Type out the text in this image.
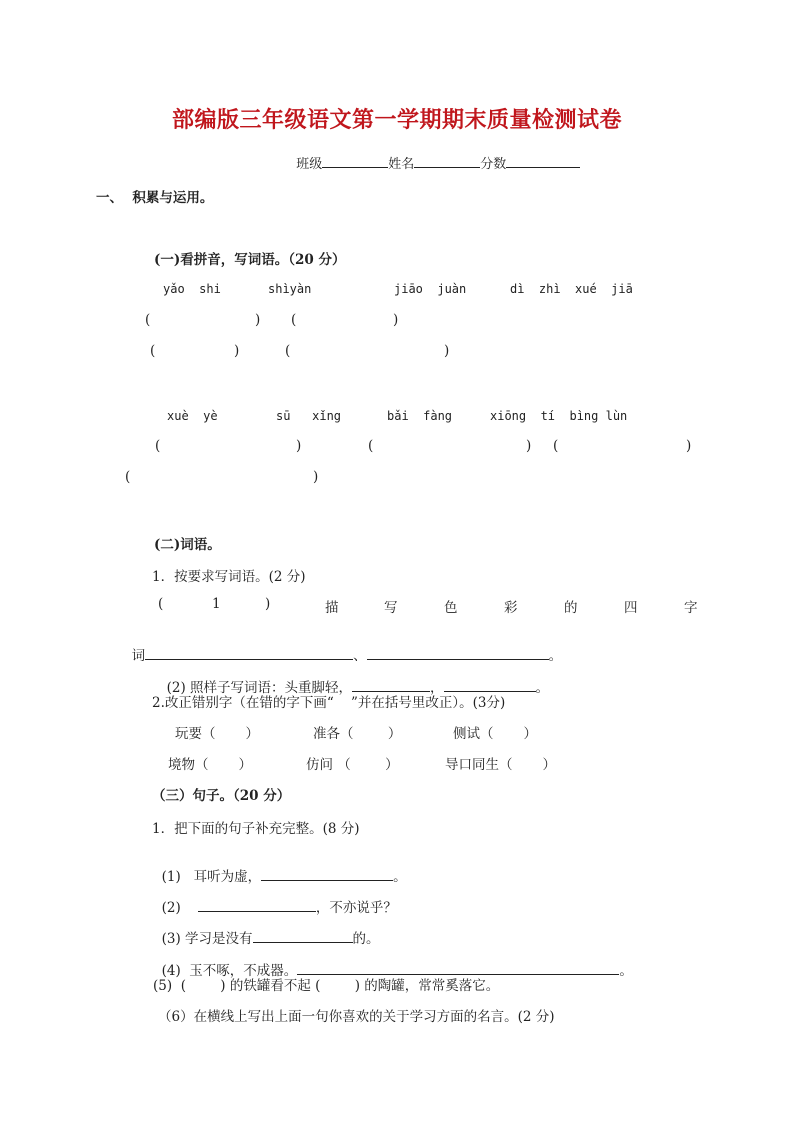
部编版三年级语文第一学期期末质量检测试卷

班级	姓名	分数

一、  积累与运用。
(一)看拼音，写词语。（20 分）
yǎo  shi	shìyàn	jiāo  juàn	dì  zhì  xué  jiā
(	) (	)
(	)	(	)
xuè  yè	sū   xǐng	bǎi  fàng	xiōng  tí  bìng lùn
(	)	(	) (	)
(	)
(二)词语。
1．按要求写词语。(2 分)
(	1	)	描	写	色	彩	的	四	字

词	、	。

(2) 照样子写词语：头重脚轻，	，	。

2.改正错别字（在错的字下画“    ”并在括号里改正）。(3分)
玩要（       ）	准各（        ）	侧试（       ）
境物（       ）	仿问 （        ）	导口同生（       ）
（三）句子。（20 分）
1．把下面的句子补充完整。(8 分)

(1)   耳听为虚，	。

(2)	，不亦说乎？

(3) 学习是没有	的。

(4)  玉不啄，不成器。	。

(5)  (        ) 的铁罐看不起 (        ) 的陶罐，常常奚落它。
（6）在横线上写出上面一句你喜欢的关于学习方面的名言。(2 分)
